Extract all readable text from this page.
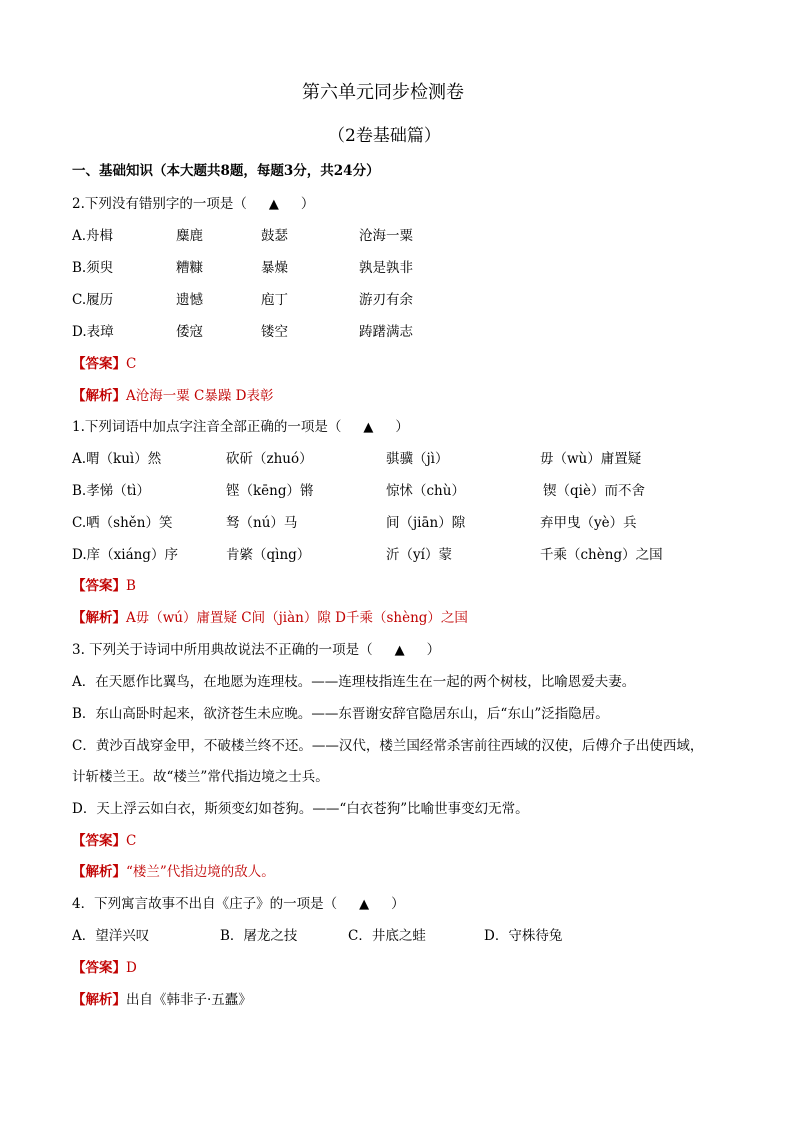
第六单元同步检测卷
（2卷基础篇）
一、基础知识（本大题共8题，每题3分，共24分）
2.下列没有错别字的一项是（ ▲ ）
A.舟楫	麋鹿	鼓瑟	沧海一粟
B.须臾	糟糠	暴燥	孰是孰非
C.履历	遗憾	庖丁	游刃有余
D.表璋	倭寇	镂空	踌躇满志
【答案】C
【解析】A沧海一粟 C暴躁 D表彰
1.下列词语中加点字注音全部正确的一项是（ ▲ ）
A.喟（kuì）然	砍斫（zhuó）	骐骥（jì）	毋（wù）庸置疑
B.孝悌（tì）	铿（kēng）锵	惊怵（chù）	锲（qiè）而不舍
C.哂（shěn）笑	驽（nú）马	间（jiān）隙	弃甲曳（yè）兵
D.庠（xiáng）序	肯綮（qìng）	沂（yí）蒙	千乘（chèng）之国
【答案】B
【解析】A毋（wú）庸置疑 C间（jiàn）隙 D千乘（shèng）之国
3. 下列关于诗词中所用典故说法不正确的一项是（ ▲ ）
A．在天愿作比翼鸟，在地愿为连理枝。——连理枝指连生在一起的两个树枝，比喻恩爱夫妻。
B．东山高卧时起来，欲济苍生未应晚。——东晋谢安辞官隐居东山，后“东山”泛指隐居。
C．黄沙百战穿金甲，不破楼兰终不还。——汉代，楼兰国经常杀害前往西域的汉使，后傅介子出使西域，
计斩楼兰王。故“楼兰”常代指边境之士兵。
D．天上浮云如白衣，斯须变幻如苍狗。——“白衣苍狗”比喻世事变幻无常。
【答案】C
【解析】“楼兰”代指边境的敌人。
4．下列寓言故事不出自《庄子》的一项是（ ▲ ）
A．望洋兴叹	B．屠龙之技	C．井底之蛙	D．守株待兔
【答案】D
【解析】出自《韩非子·五蠹》
